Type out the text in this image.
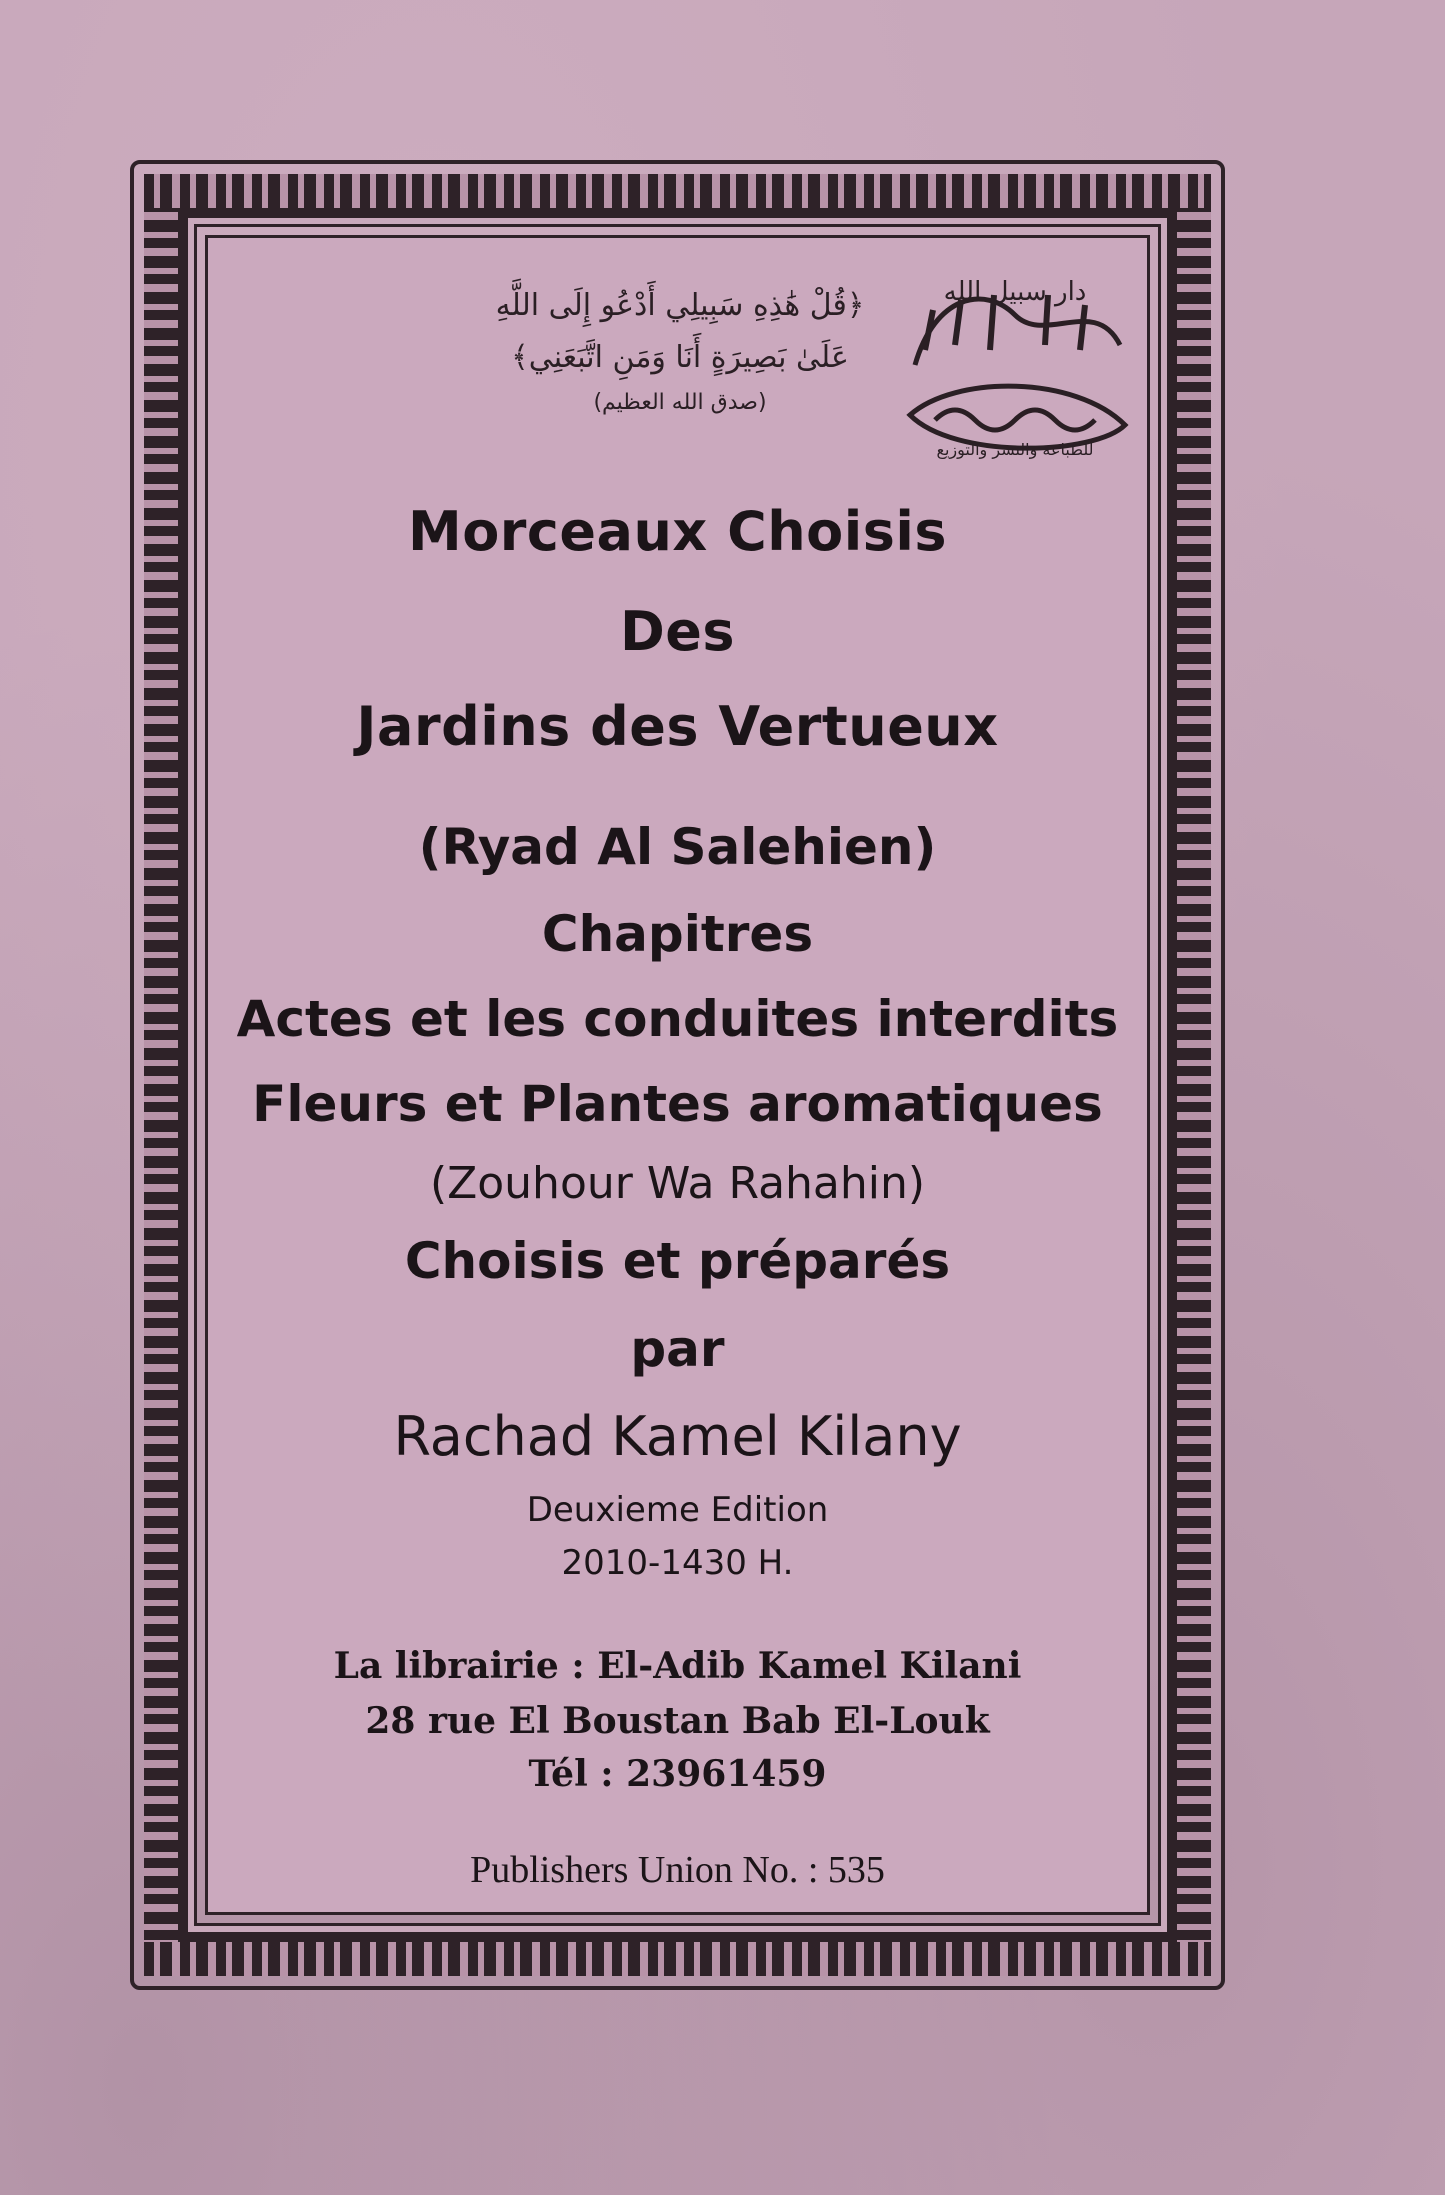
﴿قُلْ هَٰذِهِ سَبِيلِي أَدْعُو إِلَى اللَّهِ
عَلَىٰ بَصِيرَةٍ أَنَا وَمَنِ اتَّبَعَنِي﴾
(صدق الله العظيم)
دار سبيل الله
للطباعة والنشر والتوزيع
Morceaux Choisis
Des
Jardins des Vertueux
(Ryad Al Salehien)
Chapitres
Actes et les conduites interdits
Fleurs et Plantes aromatiques
(Zouhour Wa Rahahin)
Choisis et préparés
par
Rachad Kamel Kilany
Deuxieme Edition
2010-1430 H.
La librairie : El-Adib Kamel Kilani
28 rue El Boustan Bab El-Louk
Tél : 23961459
Publishers Union No. : 535
